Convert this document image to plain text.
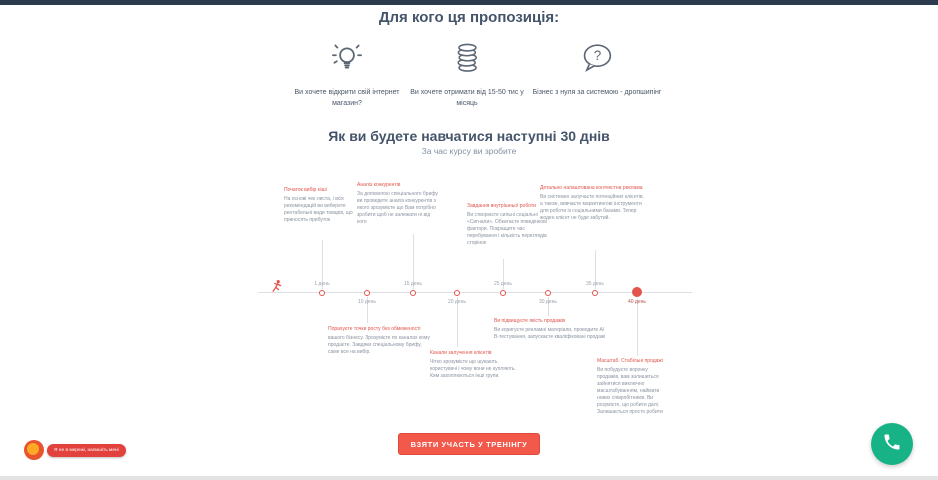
Для кого ця пропозиція:
Ви хочете відкрити свій інтернет магазин?
Ви хочете отримати від 15-50 тис у місяць
?
Бізнес з нуля за системою - дропшипінг
Як ви будете навчатися наступні 30 днів
За час курсу ви зробите
1 день
10 день
15 день
20 день
25 день
30 день
35 день
40 день
Початок вибір ніші
На основі чек листа, і всіх рекомендацій ви виберете рентабельні види товарів, що приносять прибуток
Аналіз конкурентів
За допомогою спеціального брифу ви проведете аналіз конкурентів з якого зрозумієте що Вам потрібно зробити щоб не залежати ні від кого
Завдання внутрішньої роботи
Ви створюєте сильні соціальні «Сигнали». Обкатаєте поведінкові фактори. Покращите час перебування і кількість переглядів сторінок
Детально налаштована контекстна реклама
Ви системно залучаєте потенційних клієнтів, а також, вивчаєте маркетингові інструменти для роботи із соціальними базами. Тепер жоден клієнт не буде забутий.
Порахуєте точки росту без обмеженості
вашого бізнесу. Зрозумієте по каналах кому продаєте. Завдяки спеціальному брифу, саме все на вибір.	Канали залучення клієнтів
Чітко зрозумієте що шукають користувачі і чому вони не купляють. Ким захоплюються інші групи.
Ви підвищуєте якість продажів
Ви коригуєте рекламні матеріали, проводите А/В-тестування, запускаєте кваліфіковані продажі
Масштаб. Стабільні продажі
Ви побудуєте воронку продажів, вам залишиться зайнятися виключно масштабуванням, наймати нових співробітників. Ви розумієте, що робити далі. Залишається просто робити
ВЗЯТИ УЧАСТЬ У ТРЕНІНГУ
Я не в мережі, напишіть мені
